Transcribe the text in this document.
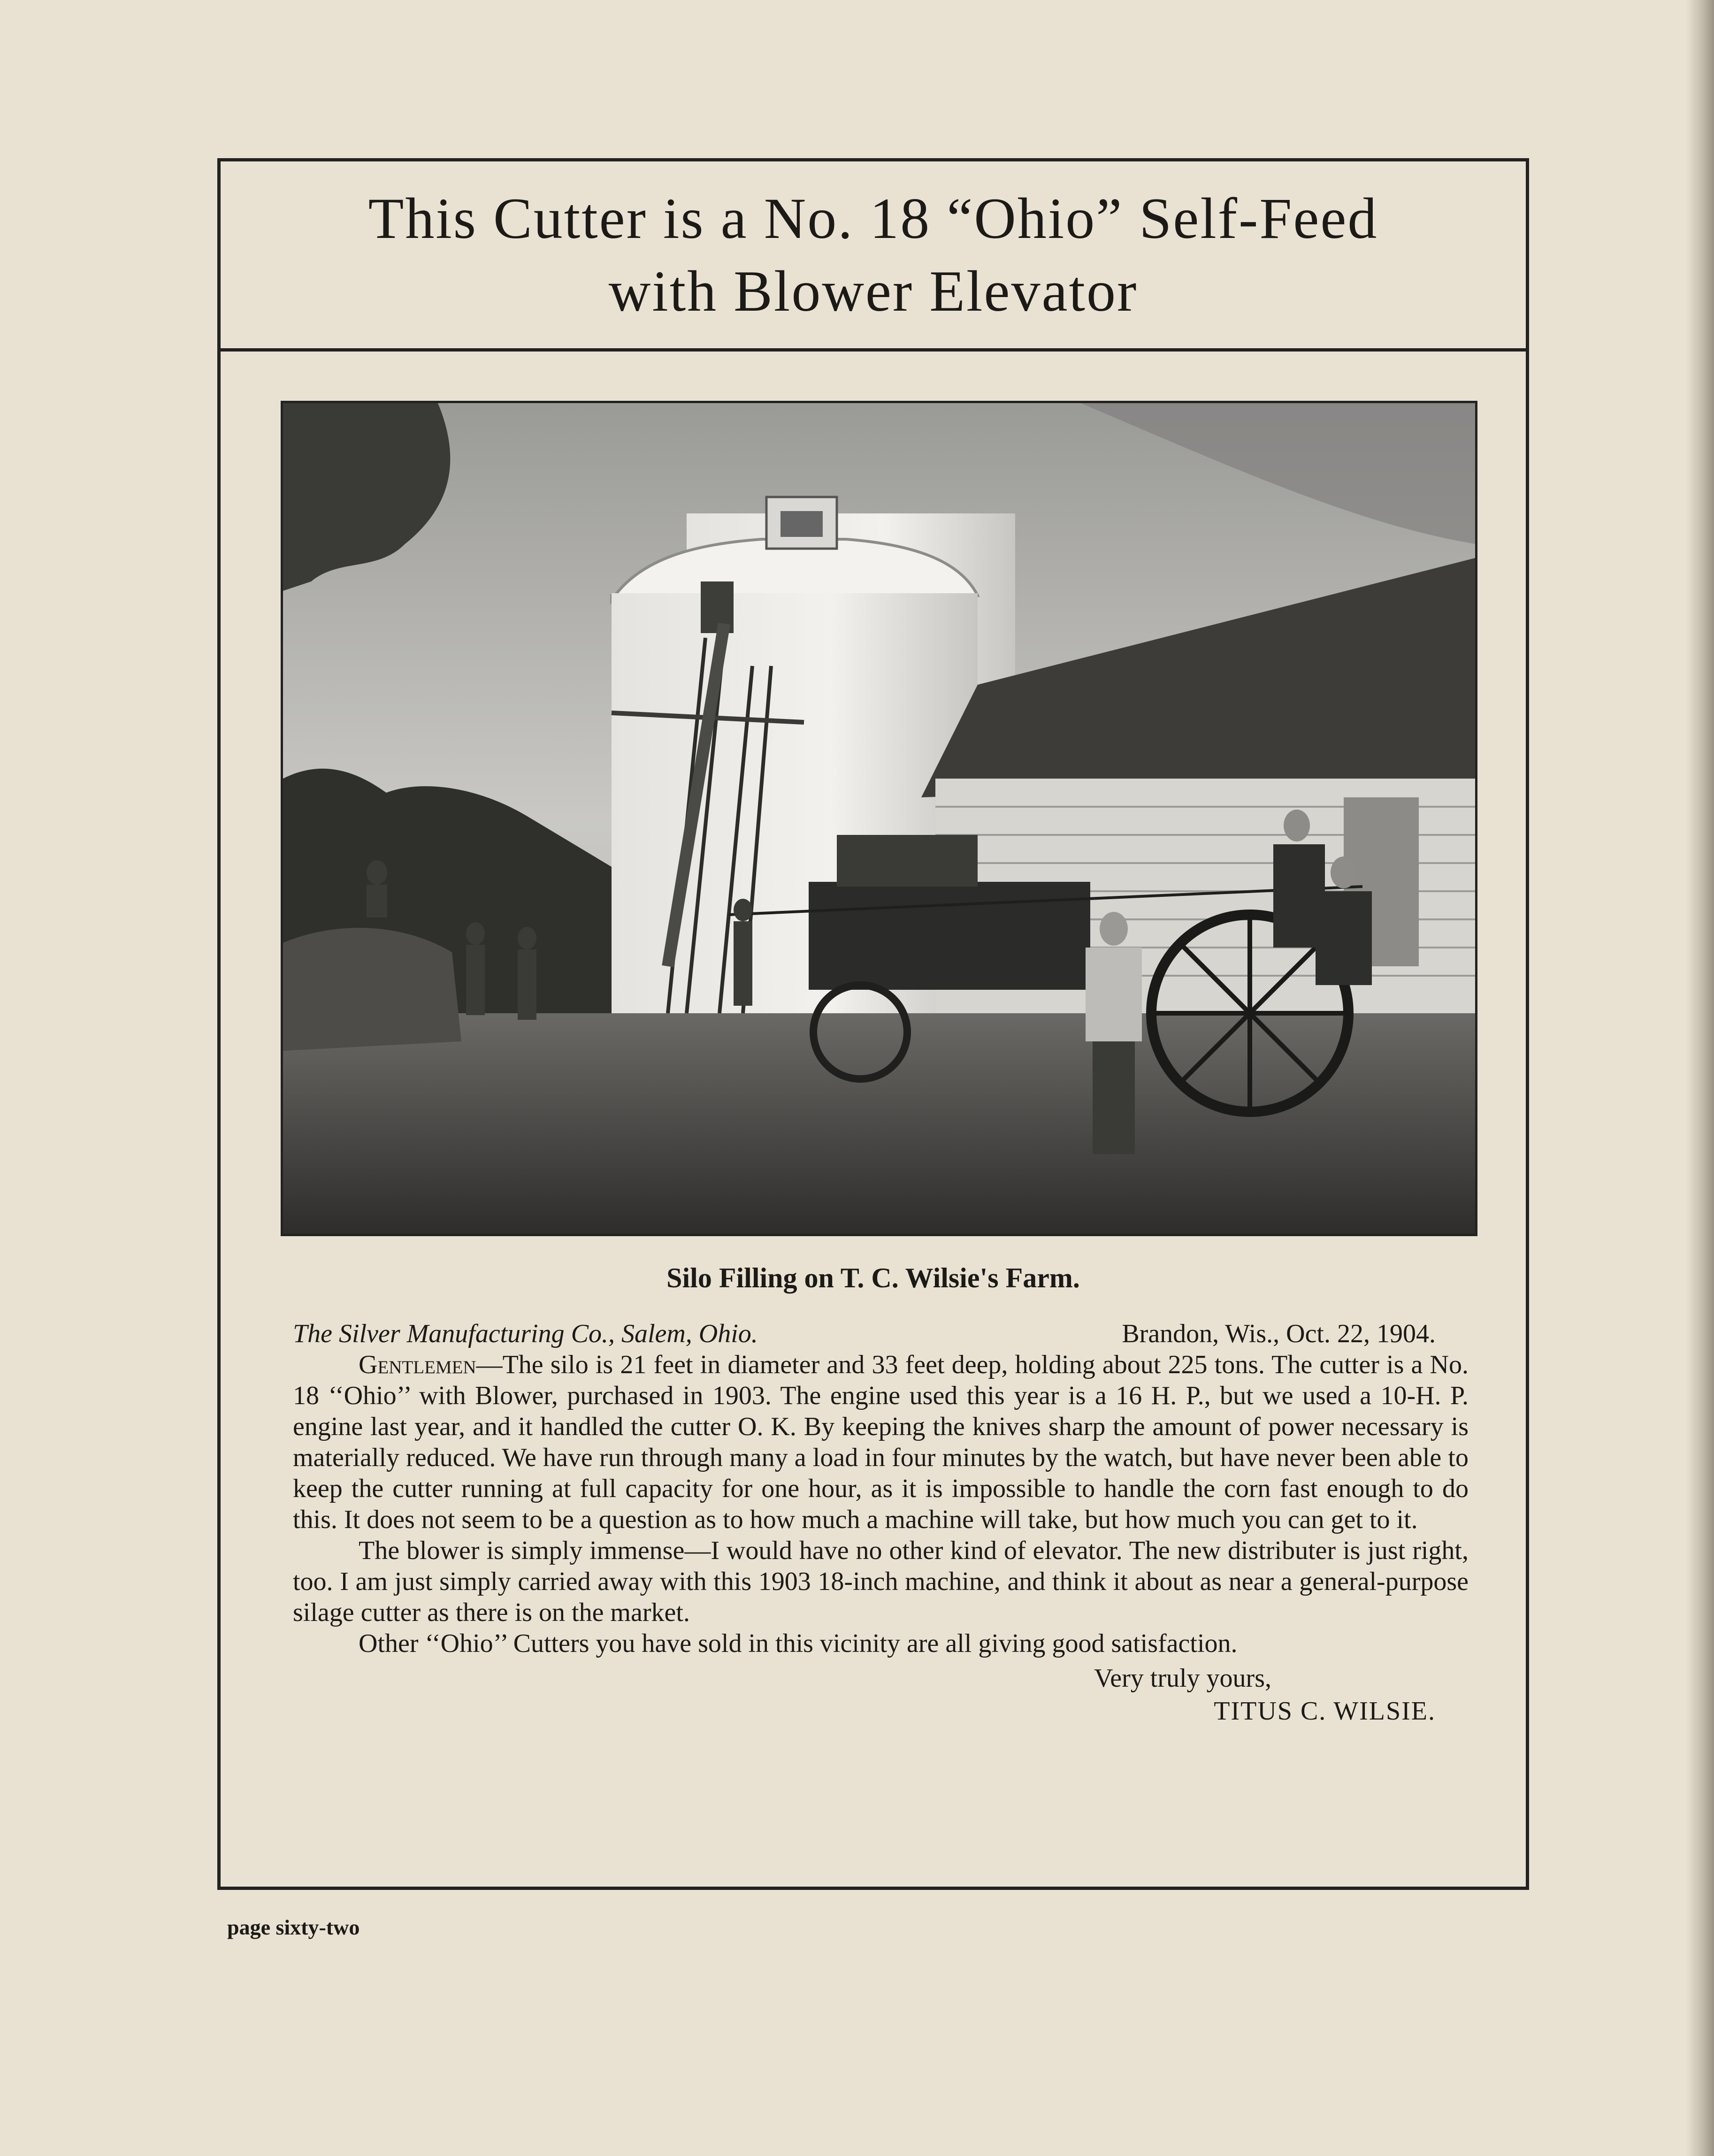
This Cutter is a No. 18 “Ohio” Self-Feed
with Blower Elevator
Silo Filling on T. C. Wilsie's Farm.
The Silver Manufacturing Co., Salem, Ohio.	Brandon, Wis., Oct. 22, 1904.

Gentlemen—The silo is 21 feet in diameter and 33 feet deep, holding about 225 tons. The cutter is a No. 18 ‘‘Ohio’’ with Blower, purchased in 1903. The engine used this year is a 16 H. P., but we used a 10-H. P. engine last year, and it handled the cutter O. K. By keeping the knives sharp the amount of power necessary is materially reduced. We have run through many a load in four minutes by the watch, but have never been able to keep the cutter running at full capacity for one hour, as it is impossible to handle the corn fast enough to do this. It does not seem to be a question as to how much a machine will take, but how much you can get to it.

The blower is simply immense—I would have no other kind of elevator. The new distributer is just right, too. I am just simply carried away with this 1903 18-inch machine, and think it about as near a general-purpose silage cutter as there is on the market.

Other ‘‘Ohio’’ Cutters you have sold in this vicinity are all giving good satisfaction.

Very truly yours,
TITUS C. WILSIE.
page sixty-two
